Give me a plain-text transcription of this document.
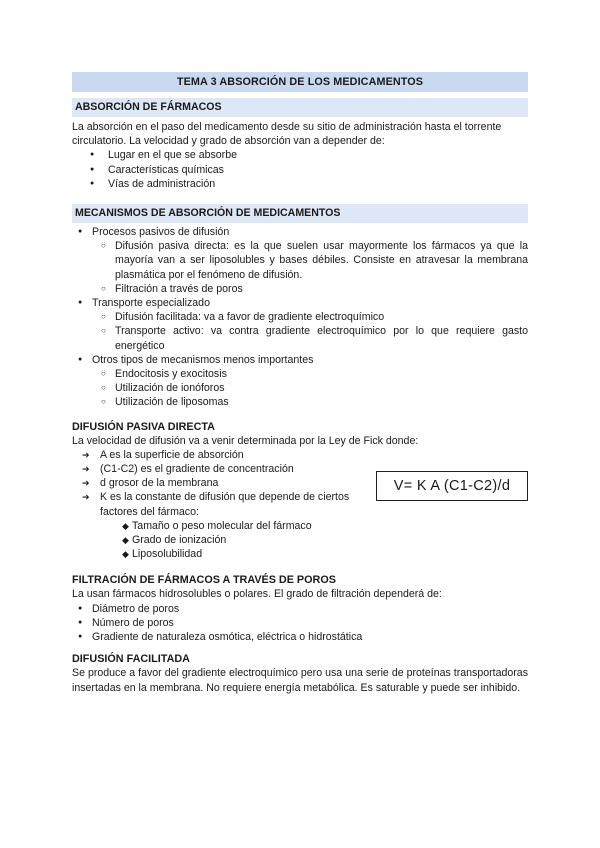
TEMA 3 ABSORCIÓN DE LOS MEDICAMENTOS
ABSORCIÓN DE FÁRMACOS

La absorción en el paso del medicamento desde su sitio de administración hasta el torrente circulatorio. La velocidad y grado de absorción van a depender de:

● Lugar en el que se absorbe
● Características químicas
● Vías de administración
MECANISMOS DE ABSORCIÓN DE MEDICAMENTOS
● Procesos pasivos de difusión
○ Difusión pasiva directa: es la que suelen usar mayormente los fármacos ya que la mayoría van a ser liposolubles y bases débiles. Consiste en atravesar la membrana plasmática por el fenómeno de difusión.
○ Filtración a través de poros
● Transporte especializado
○ Difusión facilitada: va a favor de gradiente electroquímico
○ Transporte activo: va contra gradiente electroquímico por lo que requiere gasto energético
● Otros tipos de mecanismos menos importantes
○ Endocitosis y exocitosis
○ Utilización de ionóforos
○ Utilización de liposomas
DIFUSIÓN PASIVA DIRECTA

La velocidad de difusión va a venir determinada por la Ley de Fick donde:

➔ A es la superficie de absorción
➔ (C1-C2) es el gradiente de concentración
➔ d grosor de la membrana
➔ K es la constante de difusión que depende de ciertos factores del fármaco:
◆ Tamaño o peso molecular del fármaco
◆ Grado de ionización
◆ Liposolubilidad
V= K A (C1-C2)/d
FILTRACIÓN DE FÁRMACOS A TRAVÉS DE POROS

La usan fármacos hidrosolubles o polares. El grado de filtración dependerá de:

● Diámetro de poros
● Número de poros
● Gradiente de naturaleza osmótica, eléctrica o hidrostática
DIFUSIÓN FACILITADA

Se produce a favor del gradiente electroquímico pero usa una serie de proteínas transportadoras insertadas en la membrana. No requiere energía metabólica. Es saturable y puede ser inhibido.
